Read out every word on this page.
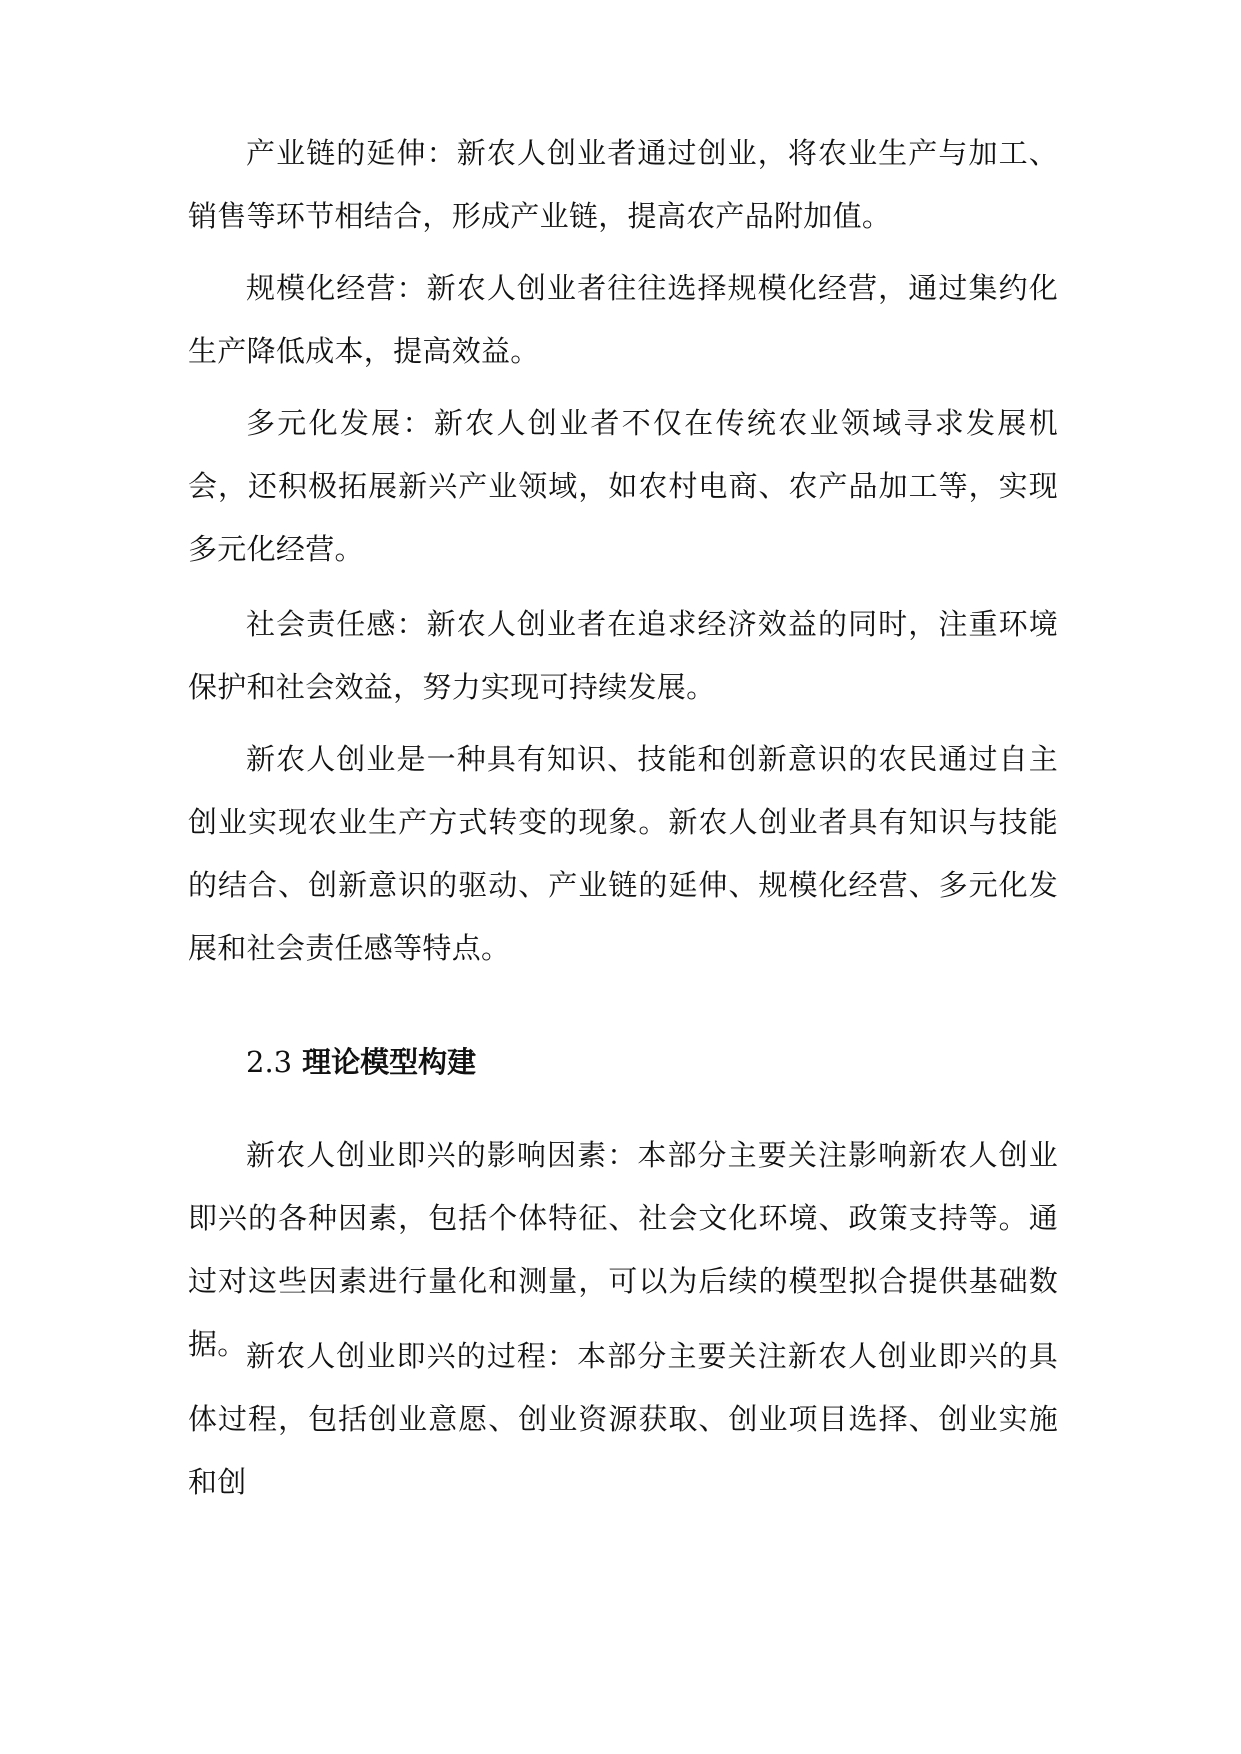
产业链的延伸：新农人创业者通过创业，将农业生产与加工、销售等环节相结合，形成产业链，提高农产品附加值。

规模化经营：新农人创业者往往选择规模化经营，通过集约化生产降低成本，提高效益。

多元化发展：新农人创业者不仅在传统农业领域寻求发展机会，还积极拓展新兴产业领域，如农村电商、农产品加工等，实现多元化经营。

社会责任感：新农人创业者在追求经济效益的同时，注重环境保护和社会效益，努力实现可持续发展。

新农人创业是一种具有知识、技能和创新意识的农民通过自主创业实现农业生产方式转变的现象。新农人创业者具有知识与技能的结合、创新意识的驱动、产业链的延伸、规模化经营、多元化发展和社会责任感等特点。

2.3 理论模型构建

新农人创业即兴的影响因素：本部分主要关注影响新农人创业即兴的各种因素，包括个体特征、社会文化环境、政策支持等。通过对这些因素进行量化和测量，可以为后续的模型拟合提供基础数据。 新农人创业即兴的过程：本部分主要关注新农人创业即兴的具体过程，包括创业意愿、创业资源获取、创业项目选择、创业实施和创
